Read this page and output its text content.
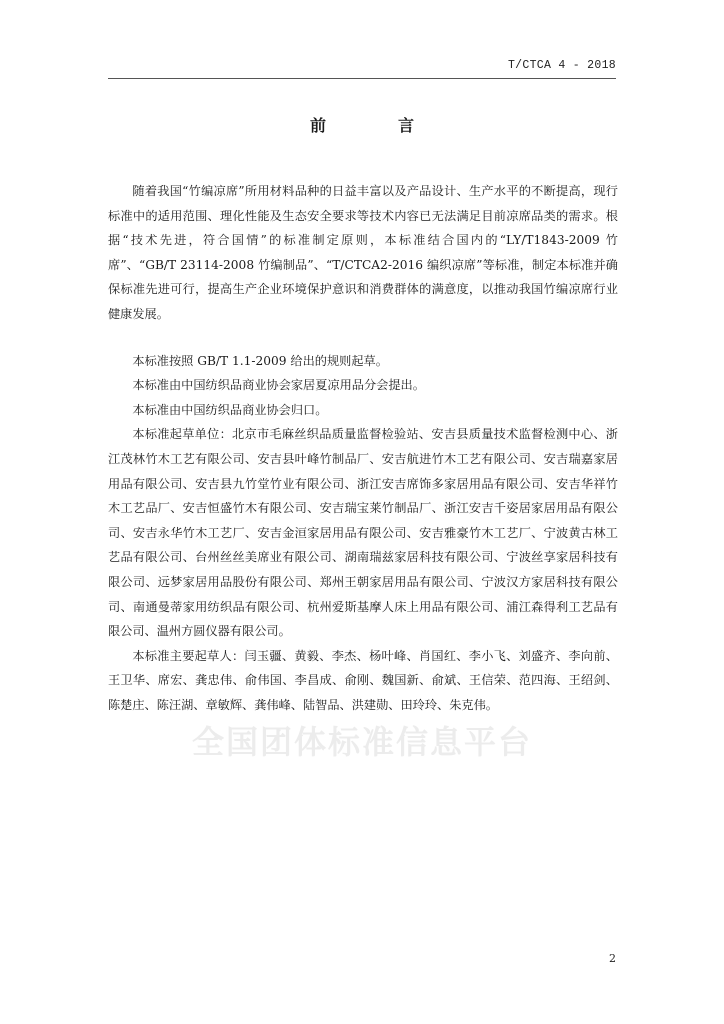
T/CTCA 4 - 2018
前　言

随着我国“竹编凉席”所用材料品种的日益丰富以及产品设计、生产水平的不断提高，现行标准中的适用范围、理化性能及生态安全要求等技术内容已无法满足目前凉席品类的需求。根据“技术先进，符合国情”的标准制定原则，本标准结合国内的“LY/T1843-2009 竹席”、“GB/T 23114-2008 竹编制品”、“T/CTCA2-2016 编织凉席”等标准，制定本标准并确保标准先进可行，提高生产企业环境保护意识和消费群体的满意度，以推动我国竹编凉席行业健康发展。

本标准按照 GB/T 1.1-2009 给出的规则起草。

本标准由中国纺织品商业协会家居夏凉用品分会提出。

本标准由中国纺织品商业协会归口。

本标准起草单位：北京市毛麻丝织品质量监督检验站、安吉县质量技术监督检测中心、浙江茂林竹木工艺有限公司、安吉县叶峰竹制品厂、安吉航进竹木工艺有限公司、安吉瑞嘉家居用品有限公司、安吉县九竹堂竹业有限公司、浙江安吉席饰多家居用品有限公司、安吉华祥竹木工艺品厂、安吉恒盛竹木有限公司、安吉瑞宝莱竹制品厂、浙江安吉千姿居家居用品有限公司、安吉永华竹木工艺厂、安吉金洹家居用品有限公司、安吉雅豪竹木工艺厂、宁波黄古林工艺品有限公司、台州丝丝美席业有限公司、湖南瑞兹家居科技有限公司、宁波丝享家居科技有限公司、远梦家居用品股份有限公司、郑州王朝家居用品有限公司、宁波汉方家居科技有限公司、南通曼蒂家用纺织品有限公司、杭州爱斯基摩人床上用品有限公司、浦江森得利工艺品有限公司、温州方圆仪器有限公司。

本标准主要起草人：闫玉疆、黄毅、李杰、杨叶峰、肖国红、李小飞、刘盛齐、李向前、王卫华、席宏、龚忠伟、俞伟国、李昌成、俞刚、魏国新、俞斌、王信荣、范四海、王绍剑、陈楚庄、陈汪湖、章敏辉、龚伟峰、陆智品、洪建勋、田玲玲、朱克伟。

全国团体标准信息平台
2
